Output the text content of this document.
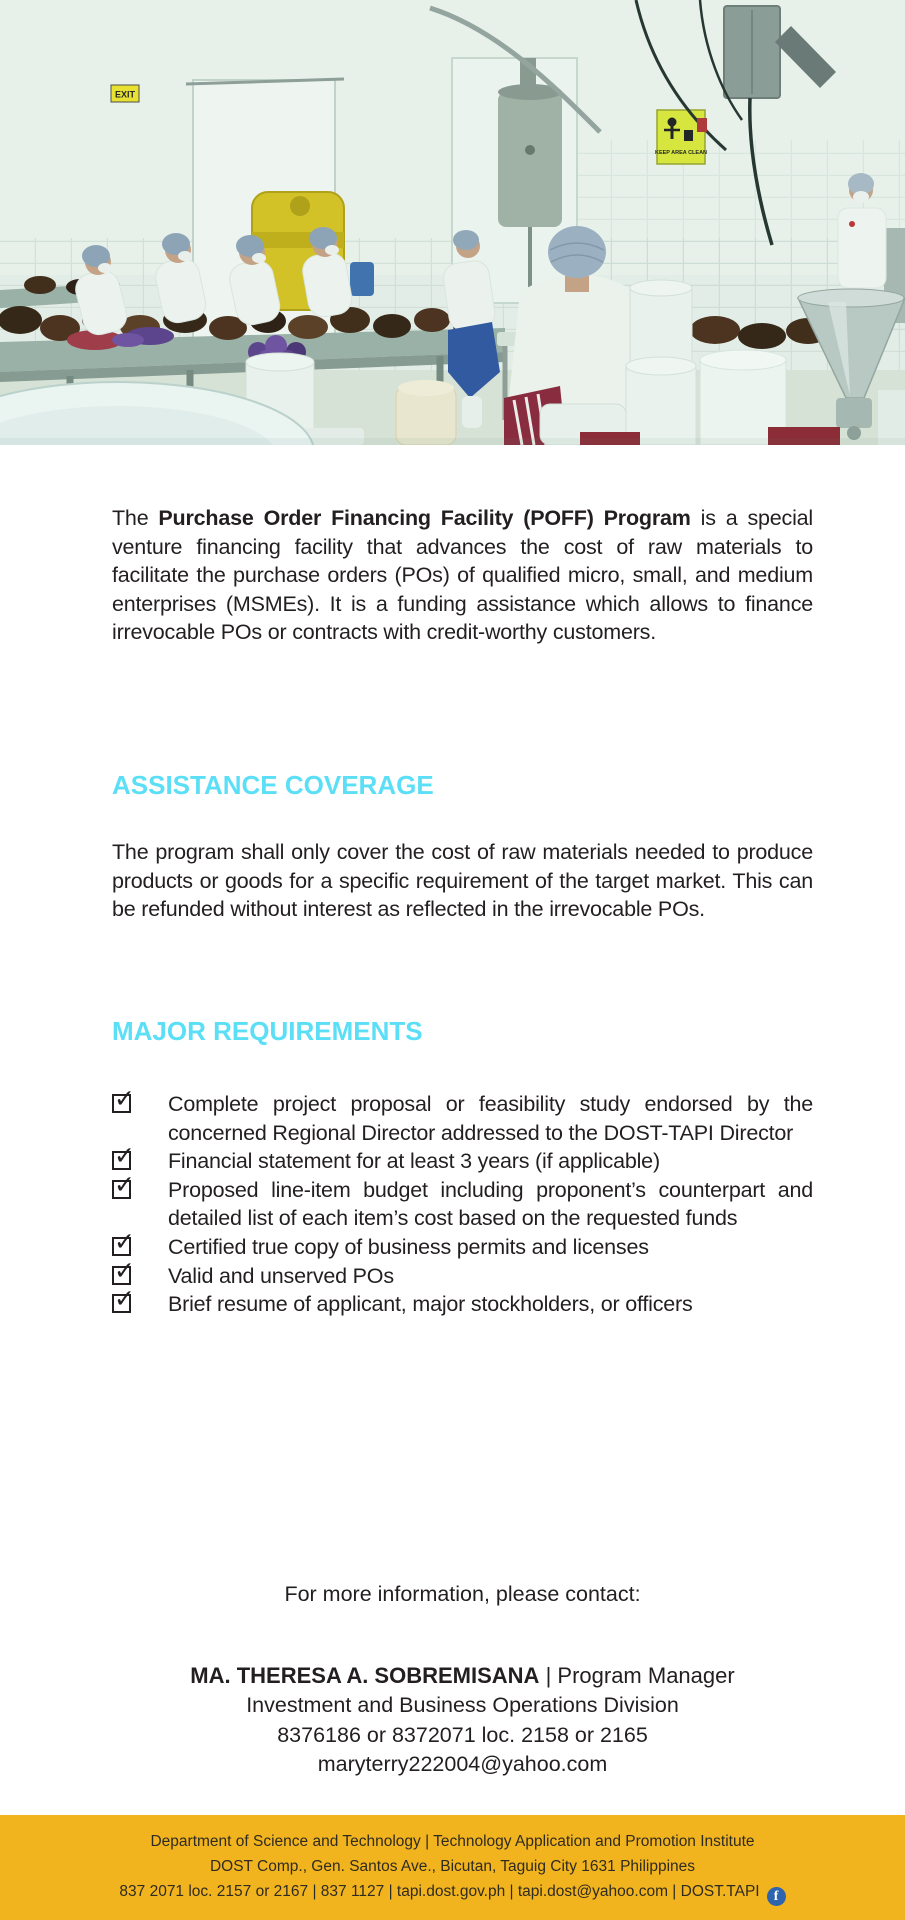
EXIT
KEEP AREA CLEAN

The Purchase Order Financing Facility (POFF) Program is a special venture financing facility that advances the cost of raw materials to facilitate the purchase orders (POs) of qualified micro, small, and medium enterprises (MSMEs). It is a funding assistance which allows to finance irrevocable POs or contracts with credit-worthy customers.

ASSISTANCE COVERAGE

The program shall only cover the cost of raw materials needed to produce products or goods for a specific requirement of the target market. This can be refunded without interest as reflected in the irrevocable POs.

MAJOR REQUIREMENTS
✓ Complete project proposal or feasibility study endorsed by the concerned Regional Director addressed to the DOST-TAPI Director
✓ Financial statement for at least 3 years (if applicable)
✓ Proposed line-item budget including proponent’s counterpart and detailed list of each item’s cost based on the requested funds
✓ Certified true copy of business permits and licenses
✓ Valid and unserved POs
✓ Brief resume of applicant, major stockholders, or officers

For more information, please contact:

MA. THERESA A. SOBREMISANA | Program Manager

Investment and Business Operations Division

8376186 or 8372071 loc. 2158 or 2165

maryterry222004@yahoo.com

Department of Science and Technology | Technology Application and Promotion Institute
DOST Comp., Gen. Santos Ave., Bicutan, Taguig City 1631 Philippines
837 2071 loc. 2157 or 2167 | 837 1127 | tapi.dost.gov.ph | tapi.dost@yahoo.com | DOST.TAPI f
